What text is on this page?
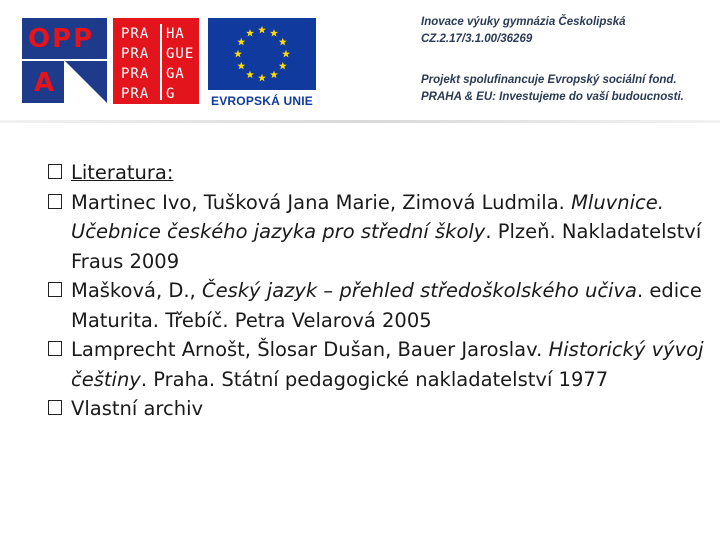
OPP
A
PRA
PRA
PRA
PRA
HA
GUE
GA
G	EVROPSKÁ UNIE
Inovace výuky gymnázia Českolipská
CZ.2.17/3.1.00/36269
Projekt spolufinancuje Evropský sociální fond.
PRAHA & EU: Investujeme do vaší budoucnosti.
Literatura:
Martinec Ivo, Tušková Jana Marie, Zimová Ludmila. Mluvnice. Učebnice českého jazyka pro střední školy. Plzeň. Nakladatelství Fraus 2009
Mašková, D., Český jazyk – přehled středoškolského učiva. edice Maturita. Třebíč. Petra Velarová 2005
Lamprecht Arnošt, Šlosar Dušan, Bauer Jaroslav. Historický vývoj češtiny. Praha. Státní pedagogické nakladatelství 1977
Vlastní archiv
